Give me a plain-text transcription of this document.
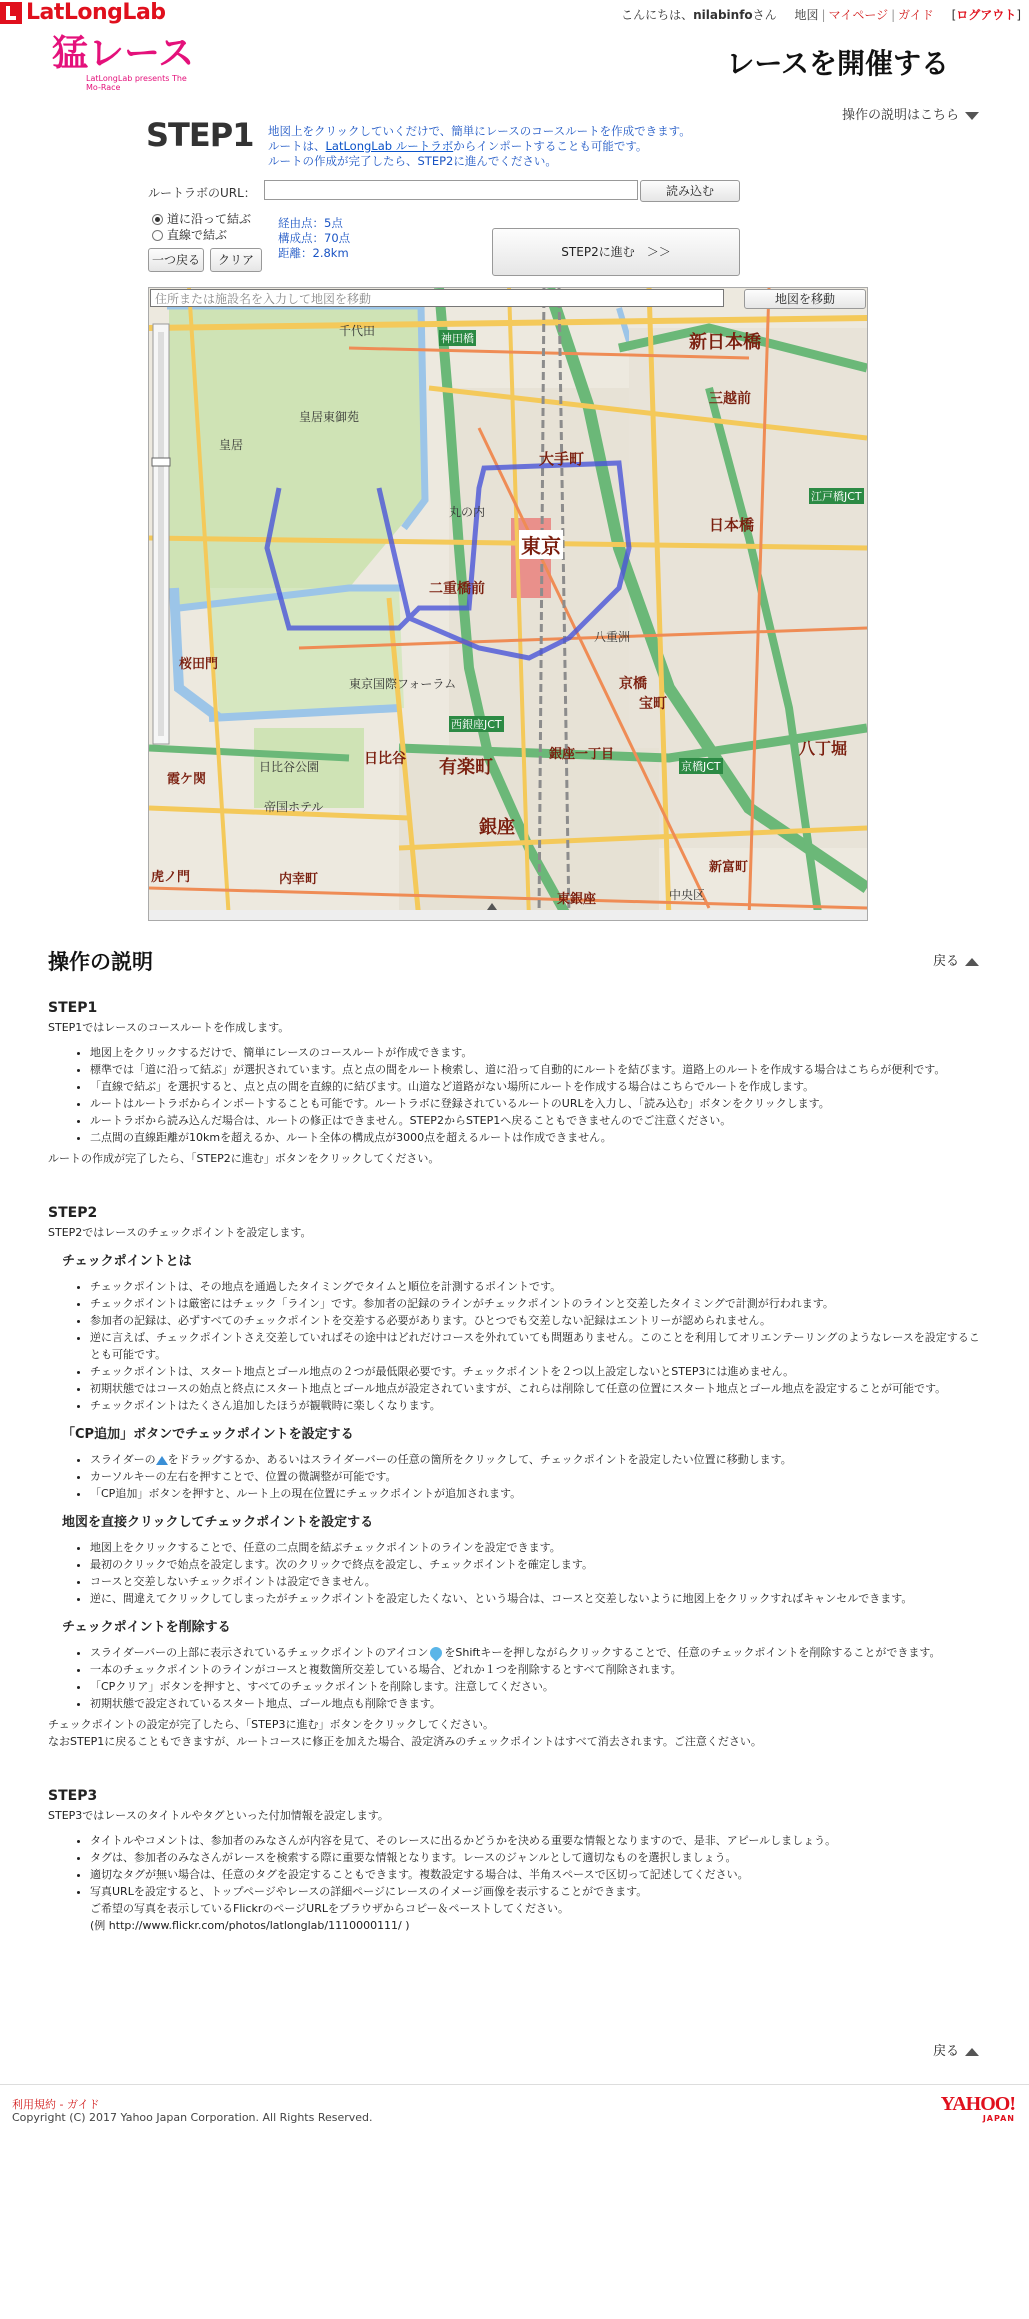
LatLongLab	こんにちは、nilabinfoさん 地図 | マイページ | ガイド [ログアウト]
猛レース
LatLongLab presents The Mo-Race
レースを開催する
操作の説明はこちら
STEP1 地図上をクリックしていくだけで、簡単にレースのコースルートを作成できます。
ルートは、LatLongLab ルートラボからインポートすることも可能です。
ルートの作成が完了したら、STEP2に進んでください。
ルートラボのURL：	読み込む
道に沿って結ぶ
直線で結ぶ
一つ戻る	クリア
経由点：5点
構成点：70点
距離：2.8km	STEP2に進む　＞＞
新日本橋
三越前
大手町
東京
日本橋
二重橋前
京橋
宝町
有楽町
銀座一丁目
銀座
日比谷
桜田門
霞ケ関
内幸町
虎ノ門
八丁堀
新富町
東銀座
皇居
皇居東御苑
丸の内
日比谷公園
東京国際フォーラム
帝国ホテル
中央区
八重洲
西銀座JCT
京橋JCT
江戸橋JCT
千代田
神田橋
住所または施設名を入力して地図を移動	地図を移動
操作の説明	戻る
STEP1

STEP1ではレースのコースルートを作成します。

• 地図上をクリックするだけで、簡単にレースのコースルートが作成できます。
• 標準では「道に沿って結ぶ」が選択されています。点と点の間をルート検索し、道に沿って自動的にルートを結びます。道路上のルートを作成する場合はこちらが便利です。
• 「直線で結ぶ」を選択すると、点と点の間を直線的に結びます。山道など道路がない場所にルートを作成する場合はこちらでルートを作成します。
• ルートはルートラボからインポートすることも可能です。ルートラボに登録されているルートのURLを入力し、「読み込む」ボタンをクリックします。
• ルートラボから読み込んだ場合は、ルートの修正はできません。STEP2からSTEP1へ戻ることもできませんのでご注意ください。
• 二点間の直線距離が10kmを超えるか、ルート全体の構成点が3000点を超えるルートは作成できません。

ルートの作成が完了したら、「STEP2に進む」ボタンをクリックしてください。

STEP2

STEP2ではレースのチェックポイントを設定します。

チェックポイントとは
• チェックポイントは、その地点を通過したタイミングでタイムと順位を計測するポイントです。
• チェックポイントは厳密にはチェック「ライン」です。参加者の記録のラインがチェックポイントのラインと交差したタイミングで計測が行われます。
• 参加者の記録は、必ずすべてのチェックポイントを交差する必要があります。ひとつでも交差しない記録はエントリーが認められません。
• 逆に言えば、チェックポイントさえ交差していればその途中はどれだけコースを外れていても問題ありません。このことを利用してオリエンテーリングのようなレースを設定することも可能です。
• チェックポイントは、スタート地点とゴール地点の２つが最低限必要です。チェックポイントを２つ以上設定しないとSTEP3には進めません。
• 初期状態ではコースの始点と終点にスタート地点とゴール地点が設定されていますが、これらは削除して任意の位置にスタート地点とゴール地点を設定することが可能です。
• チェックポイントはたくさん追加したほうが観戦時に楽しくなります。
「CP追加」ボタンでチェックポイントを設定する
• スライダーの をドラッグするか、あるいはスライダーバーの任意の箇所をクリックして、チェックポイントを設定したい位置に移動します。
• カーソルキーの左右を押すことで、位置の微調整が可能です。
• 「CP追加」ボタンを押すと、ルート上の現在位置にチェックポイントが追加されます。
地図を直接クリックしてチェックポイントを設定する
• 地図上をクリックすることで、任意の二点間を結ぶチェックポイントのラインを設定できます。
• 最初のクリックで始点を設定します。次のクリックで終点を設定し、チェックポイントを確定します。
• コースと交差しないチェックポイントは設定できません。
• 逆に、間違えてクリックしてしまったがチェックポイントを設定したくない、という場合は、コースと交差しないように地図上をクリックすればキャンセルできます。
チェックポイントを削除する
• スライダーバーの上部に表示されているチェックポイントのアイコン をShiftキーを押しながらクリックすることで、任意のチェックポイントを削除することができます。
• 一本のチェックポイントのラインがコースと複数箇所交差している場合、どれか１つを削除するとすべて削除されます。
• 「CPクリア」ボタンを押すと、すべてのチェックポイントを削除します。注意してください。
• 初期状態で設定されているスタート地点、ゴール地点も削除できます。

チェックポイントの設定が完了したら、「STEP3に進む」ボタンをクリックしてください。

なおSTEP1に戻ることもできますが、ルートコースに修正を加えた場合、設定済みのチェックポイントはすべて消去されます。ご注意ください。

STEP3

STEP3ではレースのタイトルやタグといった付加情報を設定します。

• タイトルやコメントは、参加者のみなさんが内容を見て、そのレースに出るかどうかを決める重要な情報となりますので、是非、アピールしましょう。
• タグは、参加者のみなさんがレースを検索する際に重要な情報となります。レースのジャンルとして適切なものを選択しましょう。
• 適切なタグが無い場合は、任意のタグを設定することもできます。複数設定する場合は、半角スペースで区切って記述してください。
• 写真URLを設定すると、トップページやレースの詳細ページにレースのイメージ画像を表示することができます。
ご希望の写真を表示しているFlickrのページURLをブラウザからコピー＆ペーストしてください。
(例 http://www.flickr.com/photos/latlonglab/1110000111/ )
戻る
利用規約 - ガイド
Copyright (C) 2017 Yahoo Japan Corporation. All Rights Reserved.
YAHOO!
JAPAN
